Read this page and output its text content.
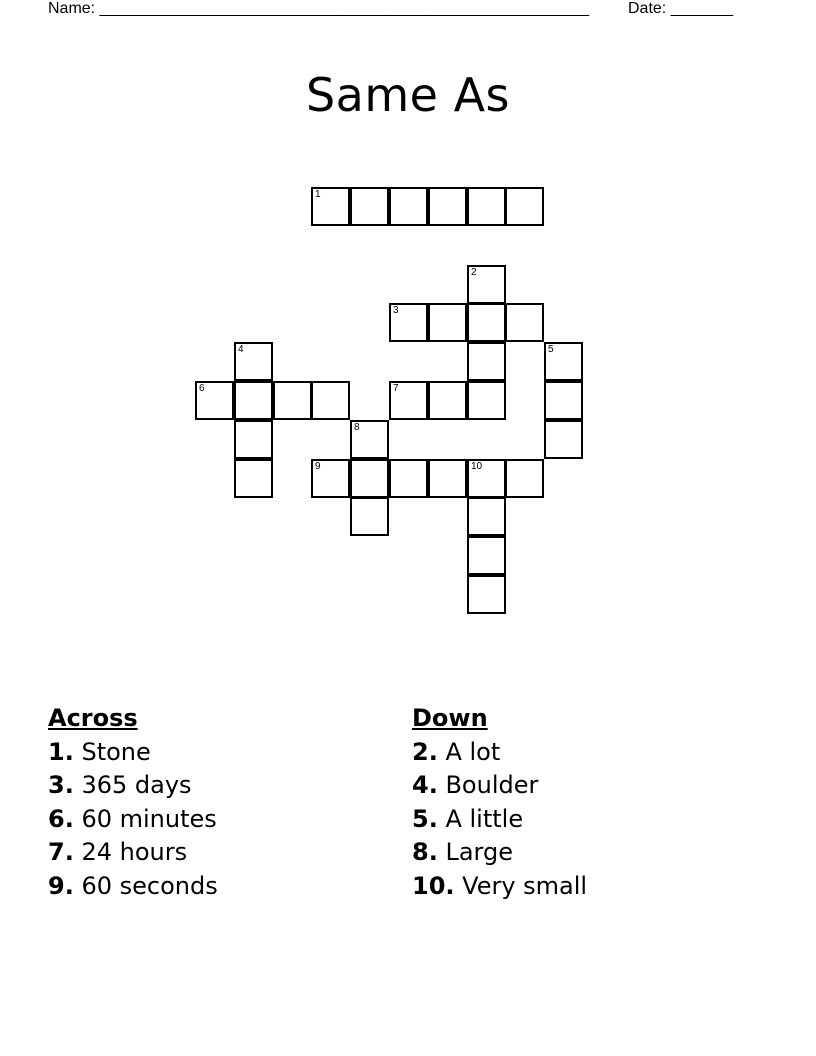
Name: _______________________________________________________ Date: _______
Same As
1
2
3
4	5
6	7
8
9	10
Across
1. Stone
3. 365 days
6. 60 minutes
7. 24 hours
9. 60 seconds
Down
2. A lot
4. Boulder
5. A little
8. Large
10. Very small
